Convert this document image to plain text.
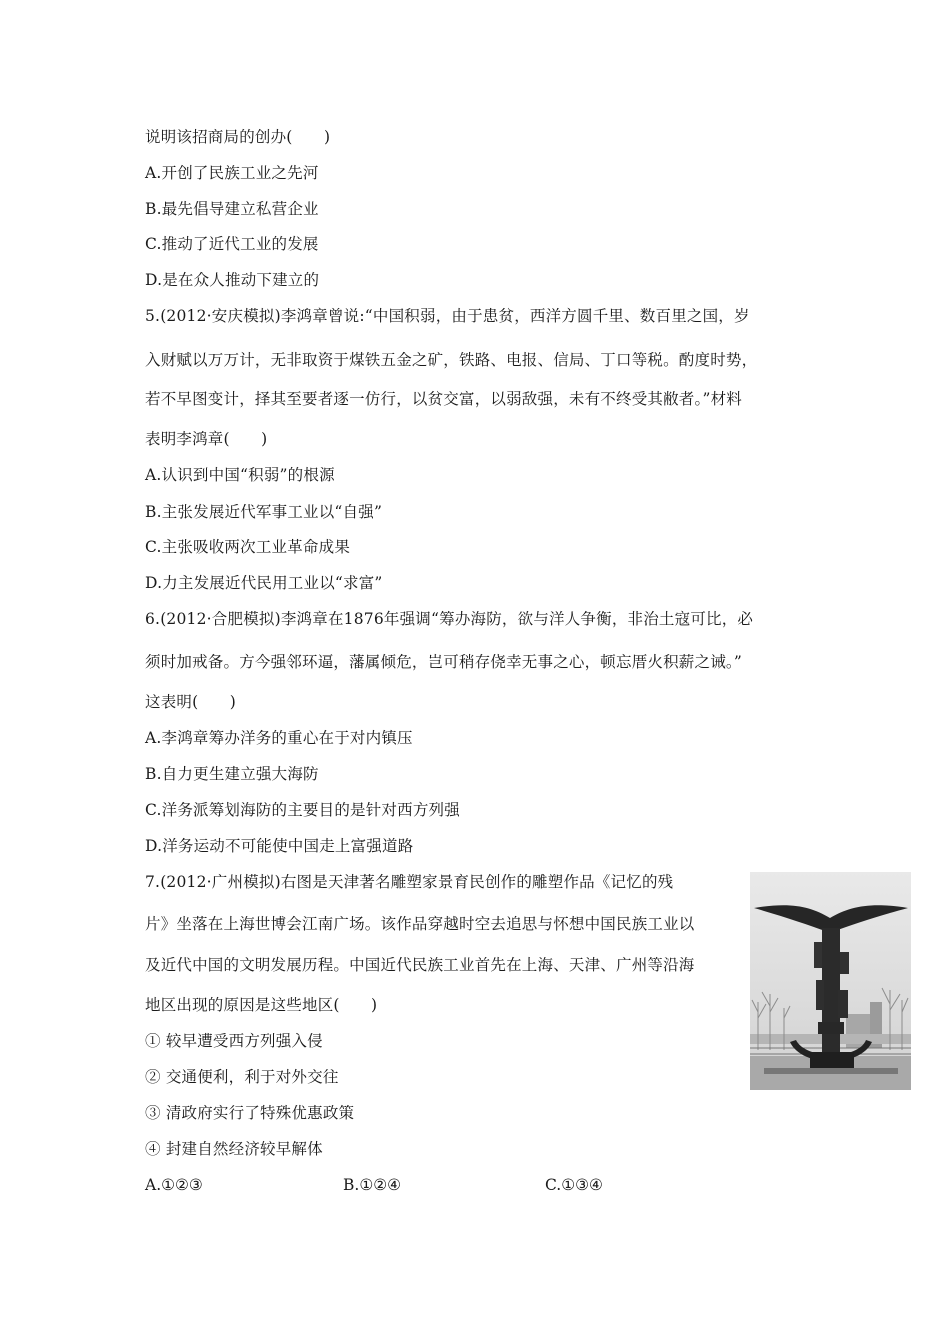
说明该招商局的创办(　　)
A.开创了民族工业之先河
B.最先倡导建立私营企业
C.推动了近代工业的发展
D.是在众人推动下建立的
5.(2012·安庆模拟)李鸿章曾说:“中国积弱，由于患贫，西洋方圆千里、数百里之国，岁
入财赋以万万计，无非取资于煤铁五金之矿，铁路、电报、信局、丁口等税。酌度时势，
若不早图变计，择其至要者逐一仿行，以贫交富，以弱敌强，未有不终受其敝者。”材料
表明李鸿章(　　)
A.认识到中国“积弱”的根源
B.主张发展近代军事工业以“自强”
C.主张吸收两次工业革命成果
D.力主发展近代民用工业以“求富”
6.(2012·合肥模拟)李鸿章在1876年强调“筹办海防，欲与洋人争衡，非治土寇可比，必
须时加戒备。方今强邻环逼，藩属倾危，岂可稍存侥幸无事之心，顿忘厝火积薪之诫。”
这表明(　　)
A.李鸿章筹办洋务的重心在于对内镇压
B.自力更生建立强大海防
C.洋务派筹划海防的主要目的是针对西方列强
D.洋务运动不可能使中国走上富强道路
7.(2012·广州模拟)右图是天津著名雕塑家景育民创作的雕塑作品《记忆的残
片》坐落在上海世博会江南广场。该作品穿越时空去追思与怀想中国民族工业以
及近代中国的文明发展历程。中国近代民族工业首先在上海、天津、广州等沿海
地区出现的原因是这些地区(　　)
① 较早遭受西方列强入侵
② 交通便利，利于对外交往
③ 清政府实行了特殊优惠政策
④ 封建自然经济较早解体
A.①②③	B.①②④	C.①③④
